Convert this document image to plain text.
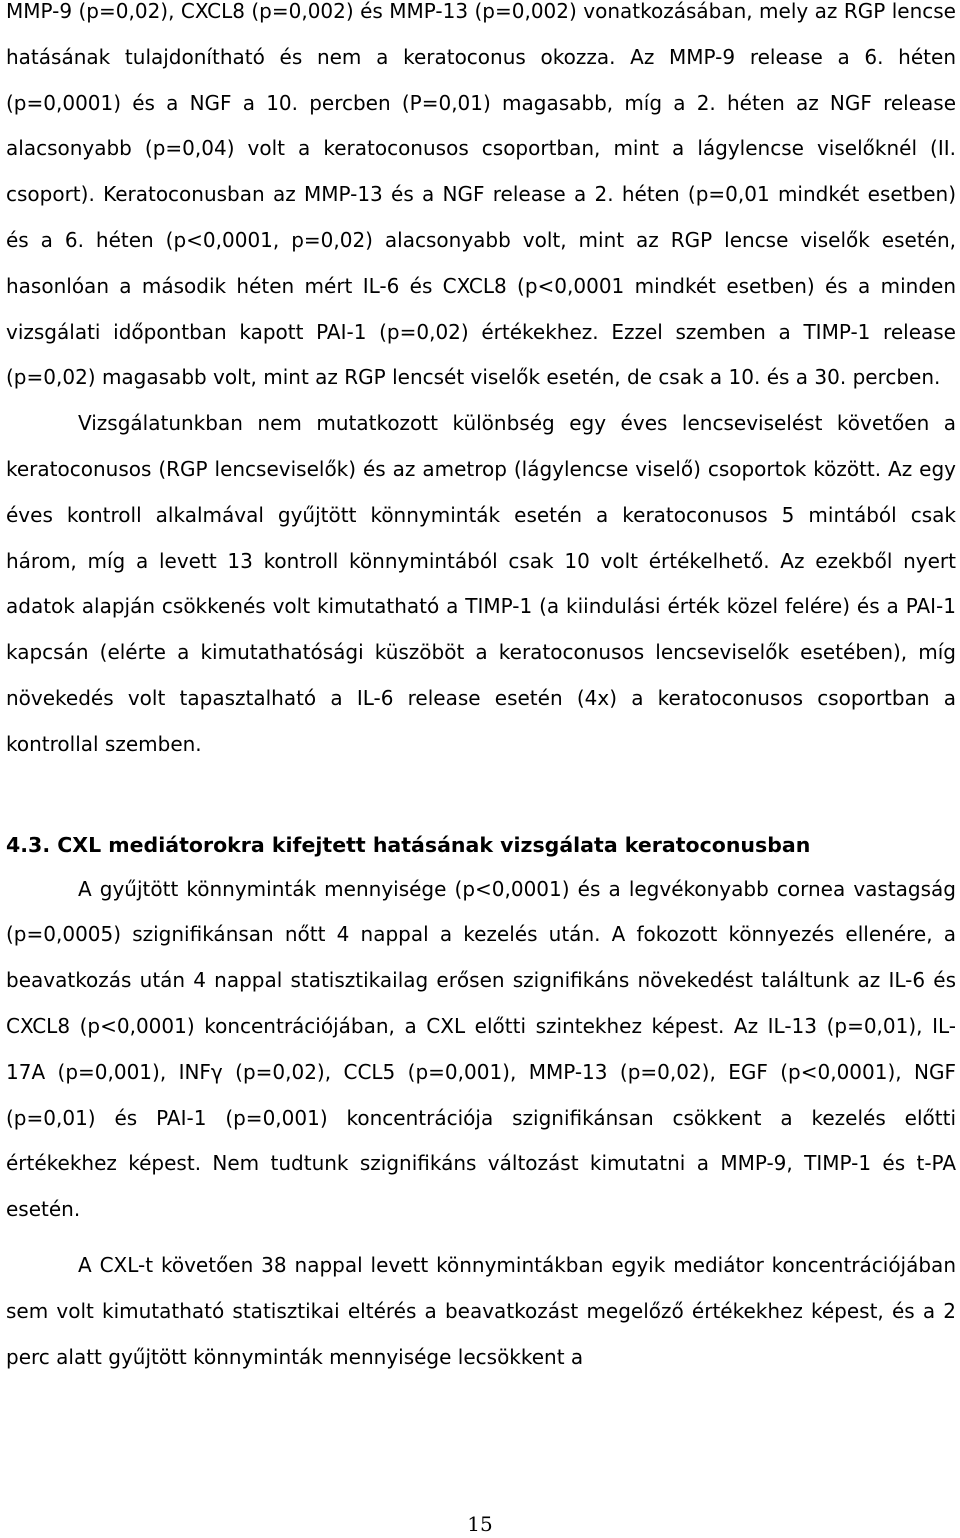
MMP-9 (p=0,02), CXCL8 (p=0,002) és MMP-13 (p=0,002) vonatkozásában, mely az RGP lencse hatásának tulajdonítható és nem a keratoconus okozza. Az MMP-9 release a 6. héten (p=0,0001) és a NGF a 10. percben (P=0,01) magasabb, míg a 2. héten az NGF release alacsonyabb (p=0,04) volt a keratoconusos csoportban, mint a lágylencse viselőknél (II. csoport). Keratoconusban az MMP-13 és a NGF release a 2. héten (p=0,01 mindkét esetben) és a 6. héten (p<0,0001, p=0,02) alacsonyabb volt, mint az RGP lencse viselők esetén, hasonlóan a második héten mért IL-6 és CXCL8 (p<0,0001 mindkét esetben) és a minden vizsgálati időpontban kapott PAI-1 (p=0,02) értékekhez. Ezzel szemben a TIMP-1 release (p=0,02) magasabb volt, mint az RGP lencsét viselők esetén, de csak a 10. és a 30. percben.

Vizsgálatunkban nem mutatkozott különbség egy éves lencseviselést követően a keratoconusos (RGP lencseviselők) és az ametrop (lágylencse viselő) csoportok között. Az egy éves kontroll alkalmával gyűjtött könnyminták esetén a keratoconusos 5 mintából csak három, míg a levett 13 kontroll könnymintából csak 10 volt értékelhető. Az ezekből nyert adatok alapján csökkenés volt kimutatható a TIMP-1 (a kiindulási érték közel felére) és a PAI-1 kapcsán (elérte a kimutathatósági küszöböt a keratoconusos lencseviselők esetében), míg növekedés volt tapasztalható a IL-6 release esetén (4x) a keratoconusos csoportban a kontrollal szemben.

4.3. CXL mediátorokra kifejtett hatásának vizsgálata keratoconusban

A gyűjtött könnyminták mennyisége (p<0,0001) és a legvékonyabb cornea vastagság (p=0,0005) szignifikánsan nőtt 4 nappal a kezelés után. A fokozott könnyezés ellenére, a beavatkozás után 4 nappal statisztikailag erősen szignifikáns növekedést találtunk az IL-6 és CXCL8 (p<0,0001) koncentrációjában, a CXL előtti szintekhez képest. Az IL-13 (p=0,01), IL-17A (p=0,001), INFγ (p=0,02), CCL5 (p=0,001), MMP-13 (p=0,02), EGF (p<0,0001), NGF (p=0,01) és PAI-1 (p=0,001) koncentrációja szignifikánsan csökkent a kezelés előtti értékekhez képest. Nem tudtunk szignifikáns változást kimutatni a MMP-9, TIMP-1 és t-PA esetén.

A CXL-t követően 38 nappal levett könnymintákban egyik mediátor koncentrációjában sem volt kimutatható statisztikai eltérés a beavatkozást megelőző értékekhez képest, és a 2 perc alatt gyűjtött könnyminták mennyisége lecsökkent a

15
